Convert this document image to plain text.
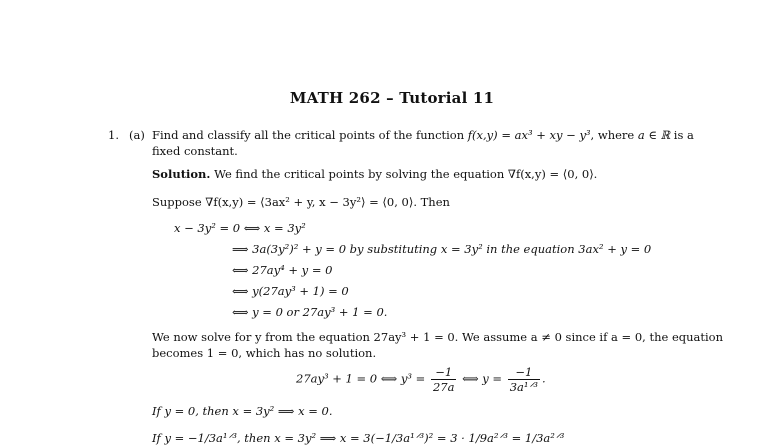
MATH 262 – Tutorial 11
1. (a) Find and classify all the critical points of the function f(x,y) = ax³ + xy − y³, where a ∈ ℝ is a
fixed constant.
Solution. We find the critical points by solving the equation ∇f(x,y) = ⟨0, 0⟩.
Suppose ∇f(x,y) = ⟨3ax² + y, x − 3y²⟩ = ⟨0, 0⟩. Then
x − 3y² = 0 ⟺ x = 3y²
⟹ 3a(3y²)² + y = 0 by substituting x = 3y² in the equation 3ax² + y = 0
⟺ 27ay⁴ + y = 0
⟺ y(27ay³ + 1) = 0
⟺ y = 0 or 27ay³ + 1 = 0.
We now solve for y from the equation 27ay³ + 1 = 0. We assume a ≠ 0 since if a = 0, the equation
becomes 1 = 0, which has no solution.
27ay³ + 1 = 0 ⟺ $y^3 = \frac{-1}{27a}$ ⟺ $y = \frac{-1}{\text{3a¹ᐟ³}}$ .
If y = 0, then x = 3y² ⟹ x = 0.
If y = −1/3a¹ᐟ³, then x = 3y² ⟹ x = 3(−1/3a¹ᐟ³)² = 3 · 1/9a²ᐟ³ = 1/3a²ᐟ³
